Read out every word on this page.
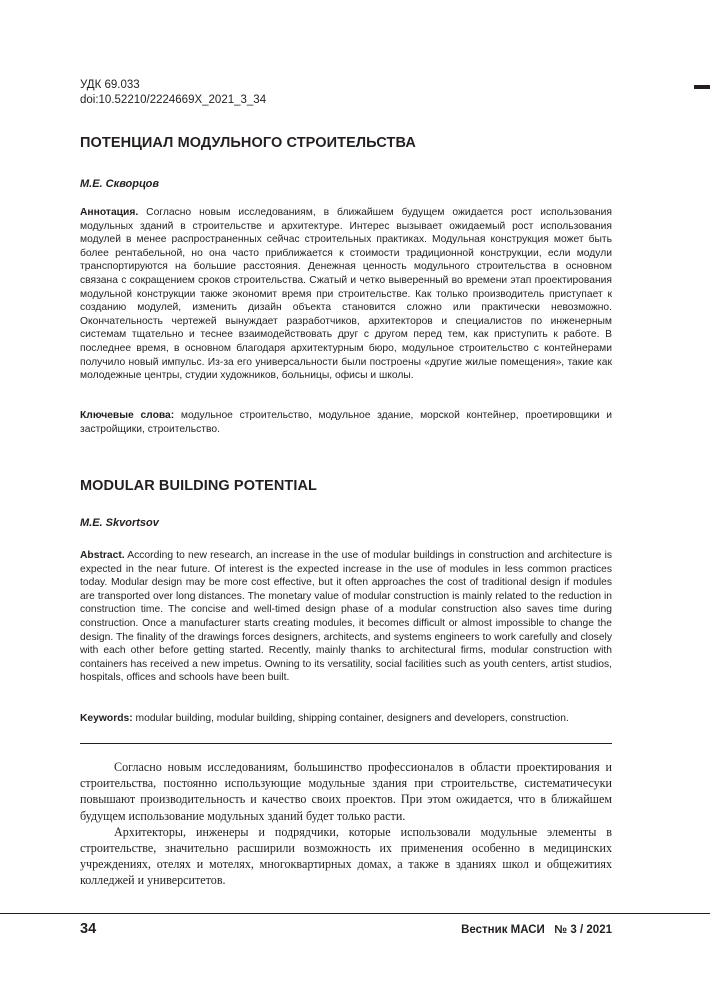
УДК 69.033
doi:10.52210/2224669X_2021_3_34
ПОТЕНЦИАЛ МОДУЛЬНОГО СТРОИТЕЛЬСТВА

М.Е. Скворцов

Аннотация. Согласно новым исследованиям, в ближайшем будущем ожидается рост использования модульных зданий в строительстве и архитектуре. Интерес вызывает ожидаемый рост использования модулей в менее распространенных сейчас строительных практиках. Модульная конструкция может быть более рентабельной, но она часто приближается к стоимости традиционной конструкции, если модули транспортируются на большие расстояния. Денежная ценность модульного строительства в основном связана с сокращением сроков строительства. Сжатый и четко выверенный во времени этап проектирования модульной конструкции также экономит время при строительстве. Как только производитель приступает к созданию модулей, изменить дизайн объекта становится сложно или практически невозможно. Окончательность чертежей вынуждает разработчиков, архитекторов и специалистов по инженерным системам тщательно и теснее взаимодействовать друг с другом перед тем, как приступить к работе. В последнее время, в основном благодаря архитектурным бюро, модульное строительство с контейнерами получило новый импульс. Из-за его универсальности были построены «другие жилые помещения», такие как молодежные центры, студии художников, больницы, офисы и школы.

Ключевые слова: модульное строительство, модульное здание, морской контейнер, проетировщики и застройщики, строительство.

MODULAR BUILDING POTENTIAL

M.E. Skvortsov

Abstract. According to new research, an increase in the use of modular buildings in construction and architecture is expected in the near future. Of interest is the expected increase in the use of modules in less common practices today. Modular design may be more cost effective, but it often approaches the cost of traditional design if modules are transported over long distances. The monetary value of modular construction is mainly related to the reduction in construction time. The concise and well-timed design phase of a modular construction also saves time during construction. Once a manufacturer starts creating modules, it becomes difficult or almost impossible to change the design. The finality of the drawings forces designers, architects, and systems engineers to work carefully and closely with each other before getting started. Recently, mainly thanks to architectural firms, modular construction with containers has received a new impetus. Owning to its versatility, social facilities such as youth centers, artist studios, hospitals, offices and schools have been built.

Keywords: modular building, modular building, shipping container, designers and developers, construction.

Согласно новым исследованиям, большинство профессионалов в области проектирования и строительства, постоянно использующие модульные здания при строительстве, систематичесуки повышают производительность и качество своих проектов. При этом ожидается, что в ближайшем будущем использование модульных зданий будет только расти.

Архитекторы, инженеры и подрядчики, которые использовали модульные элементы в строительстве, значительно расширили возможность их применения особенно в медицинских учреждениях, отелях и мотелях, многоквартирных домах, а также в зданиях школ и общежитиях колледжей и университетов.

34	Вестник МАСИ   № 3 / 2021
